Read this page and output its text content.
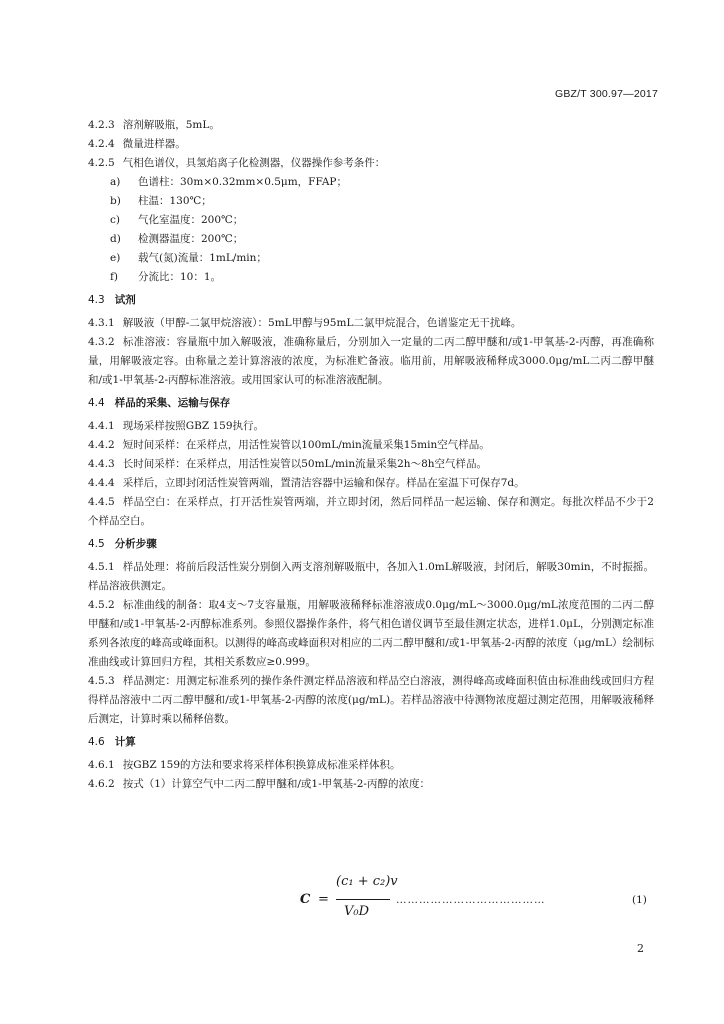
GBZ/T 300.97—2017
4.2.3 溶剂解吸瓶，5mL。
4.2.4 微量进样器。
4.2.5 气相色谱仪，具氢焰离子化检测器，仪器操作参考条件：
a) 色谱柱：30m×0.32mm×0.5μm，FFAP；
b) 柱温：130℃；
c) 气化室温度：200℃；
d) 检测器温度：200℃；
e) 载气(氮)流量：1mL/min；
f) 分流比：10：1。
4.3 试剂
4.3.1 解吸液（甲醇-二氯甲烷溶液）：5mL甲醇与95mL二氯甲烷混合，色谱鉴定无干扰峰。
4.3.2 标准溶液：容量瓶中加入解吸液，准确称量后，分别加入一定量的二丙二醇甲醚和/或1-甲氧基-2-丙醇，再准确称量，用解吸液定容。由称量之差计算溶液的浓度，为标准贮备液。临用前，用解吸液稀释成3000.0μg/mL二丙二醇甲醚和/或1-甲氧基-2-丙醇标准溶液。或用国家认可的标准溶液配制。
4.4 样品的采集、运输与保存
4.4.1 现场采样按照GBZ 159执行。
4.4.2 短时间采样：在采样点，用活性炭管以100mL/min流量采集15min空气样品。
4.4.3 长时间采样：在采样点，用活性炭管以50mL/min流量采集2h～8h空气样品。
4.4.4 采样后，立即封闭活性炭管两端，置清洁容器中运输和保存。样品在室温下可保存7d。
4.4.5 样品空白：在采样点，打开活性炭管两端，并立即封闭，然后同样品一起运输、保存和测定。每批次样品不少于2个样品空白。
4.5 分析步骤
4.5.1 样品处理：将前后段活性炭分别倒入两支溶剂解吸瓶中，各加入1.0mL解吸液，封闭后，解吸30min，不时振摇。样品溶液供测定。
4.5.2 标准曲线的制备：取4支～7支容量瓶，用解吸液稀释标准溶液成0.0μg/mL～3000.0μg/mL浓度范围的二丙二醇甲醚和/或1-甲氧基-2-丙醇标准系列。参照仪器操作条件，将气相色谱仪调节至最佳测定状态，进样1.0μL，分别测定标准系列各浓度的峰高或峰面积。以测得的峰高或峰面积对相应的二丙二醇甲醚和/或1-甲氧基-2-丙醇的浓度（μg/mL）绘制标准曲线或计算回归方程，其相关系数应≥0.999。
4.5.3 样品测定：用测定标准系列的操作条件测定样品溶液和样品空白溶液，测得峰高或峰面积值由标准曲线或回归方程得样品溶液中二丙二醇甲醚和/或1-甲氧基-2-丙醇的浓度(μg/mL)。若样品溶液中待测物浓度超过测定范围，用解吸液稀释后测定，计算时乘以稀释倍数。
4.6 计算
4.6.1 按GBZ 159的方法和要求将采样体积换算成标准采样体积。
4.6.2 按式（1）计算空气中二丙二醇甲醚和/或1-甲氧基-2-丙醇的浓度：
C =
(c₁ + c₂)v
V₀D
…………………………………	(1)
2
